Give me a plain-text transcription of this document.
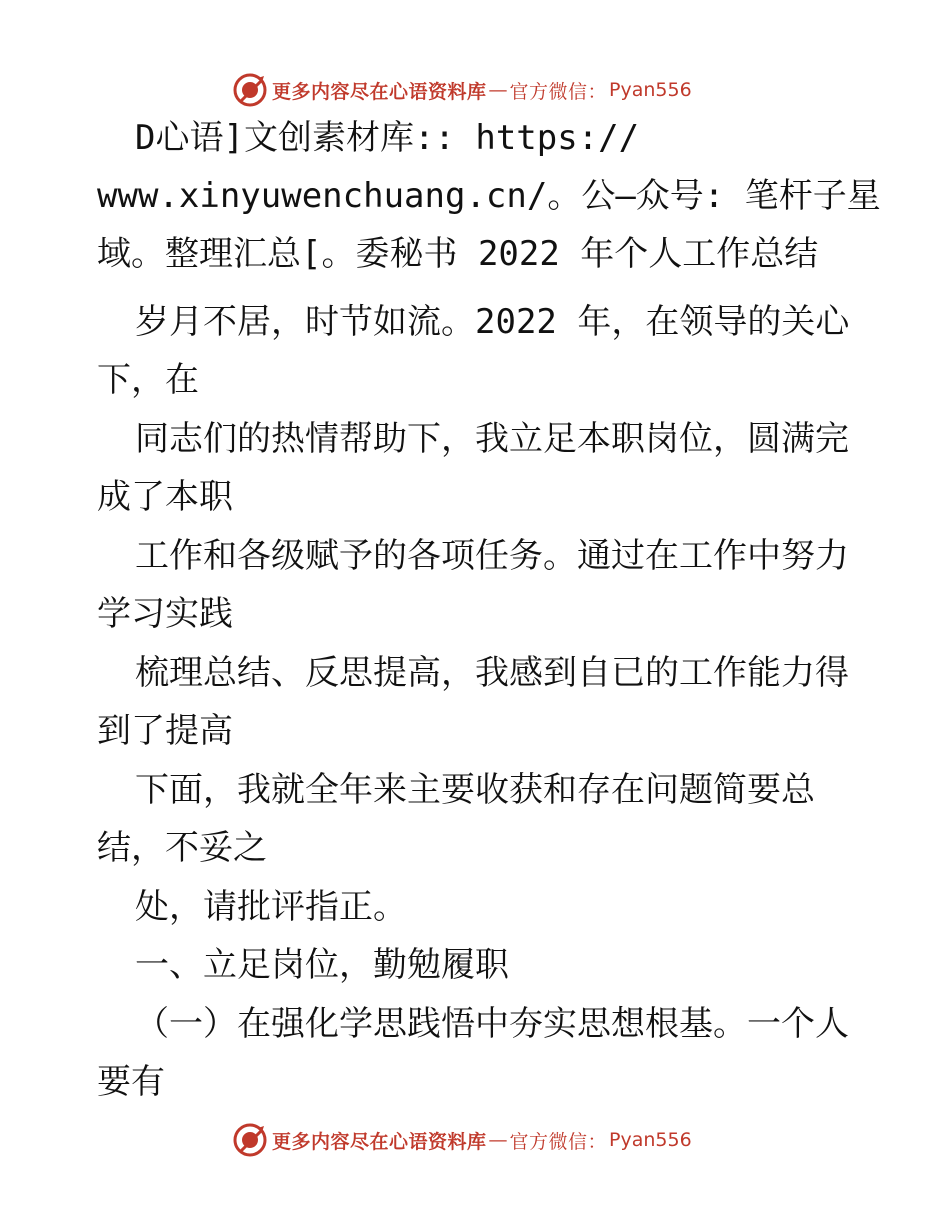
更多内容尽在心语资料库 — 官方微信： Pyan556
D心语]文创素材库:: https://
www.xinyuwenchuang.cn/。公—众号: 笔杆子星
域。整理汇总[。委秘书 2022 年个人工作总结
岁月不居，时节如流。2022 年，在领导的关心
下，在
同志们的热情帮助下，我立足本职岗位，圆满完
成了本职
工作和各级赋予的各项任务。通过在工作中努力
学习实践
梳理总结、反思提高，我感到自已的工作能力得
到了提高
下面，我就全年来主要收获和存在问题简要总
结，不妥之
处，请批评指正。
一、立足岗位，勤勉履职
（一）在强化学思践悟中夯实思想根基。一个人
要有
更多内容尽在心语资料库 — 官方微信： Pyan556
